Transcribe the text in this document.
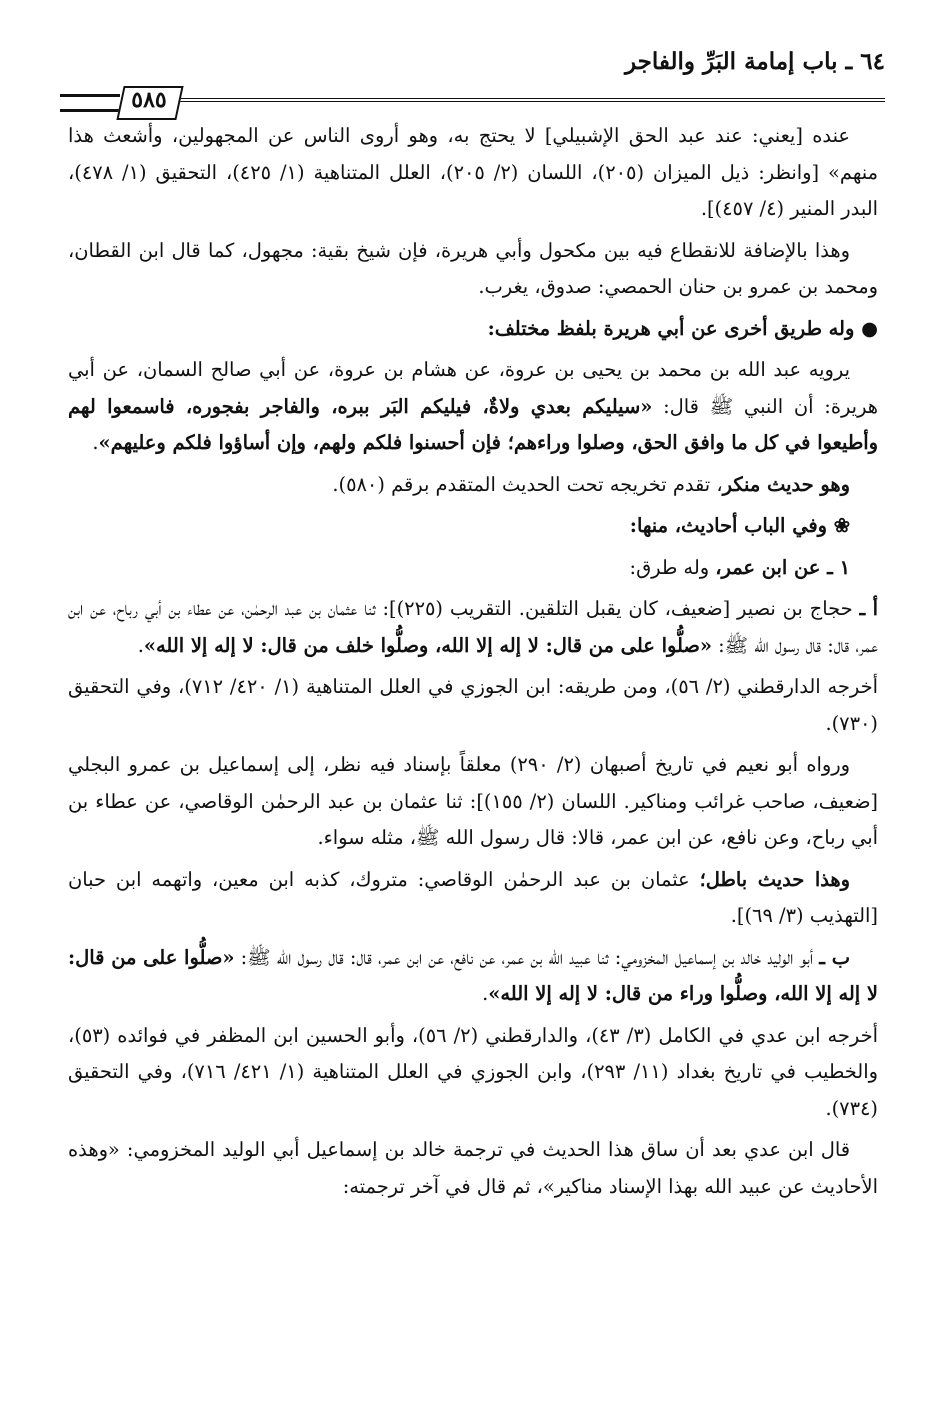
٦٤ ـ باب إمامة البَرِّ والفاجر
٥٨٥

عنده [يعني: عند عبد الحق الإشبيلي] لا يحتج به، وهو أروى الناس عن المجهولين، وأشعث هذا منهم» [وانظر: ذيل الميزان (٢٠٥)، اللسان (٢/ ٢٠٥)، العلل المتناهية (١/ ٤٢٥)، التحقيق (١/ ٤٧٨)، البدر المنير (٤/ ٤٥٧)].

وهذا بالإضافة للانقطاع فيه بين مكحول وأبي هريرة، فإن شيخ بقية: مجهول، كما قال ابن القطان، ومحمد بن عمرو بن حنان الحمصي: صدوق، يغرب.

● وله طريق أخرى عن أبي هريرة بلفظ مختلف:

يرويه عبد الله بن محمد بن يحيى بن عروة، عن هشام بن عروة، عن أبي صالح السمان، عن أبي هريرة: أن النبي ﷺ قال: «سيليكم بعدي ولاةٌ، فيليكم البَر ببره، والفاجر بفجوره، فاسمعوا لهم وأطيعوا في كل ما وافق الحق، وصلوا وراءهم؛ فإن أحسنوا فلكم ولهم، وإن أساؤوا فلكم وعليهم».

وهو حديث منكر، تقدم تخريجه تحت الحديث المتقدم برقم (٥٨٠).

❀ وفي الباب أحاديث، منها:

١ ـ عن ابن عمر، وله طرق:

أ ـ حجاج بن نصير [ضعيف، كان يقبل التلقين. التقريب (٢٢٥)]: ثنا عثمان بن عبد الرحمٰن، عن عطاء بن أبي رباح، عن ابن عمر، قال: قال رسول الله ﷺ: «صلُّوا على من قال: لا إله إلا الله، وصلُّوا خلف من قال: لا إله إلا الله».

أخرجه الدارقطني (٢/ ٥٦)، ومن طريقه: ابن الجوزي في العلل المتناهية (١/ ٤٢٠/ ٧١٢)، وفي التحقيق (٧٣٠).

ورواه أبو نعيم في تاريخ أصبهان (٢/ ٢٩٠) معلقاً بإسناد فيه نظر، إلى إسماعيل بن عمرو البجلي [ضعيف، صاحب غرائب ومناكير. اللسان (٢/ ١٥٥)]: ثنا عثمان بن عبد الرحمٰن الوقاصي، عن عطاء بن أبي رباح، وعن نافع، عن ابن عمر، قالا: قال رسول الله ﷺ، مثله سواء.

وهذا حديث باطل؛ عثمان بن عبد الرحمٰن الوقاصي: متروك، كذبه ابن معين، واتهمه ابن حبان [التهذيب (٣/ ٦٩)].

ب ـ أبو الوليد خالد بن إسماعيل المخزومي: ثنا عبيد الله بن عمر، عن نافع، عن ابن عمر، قال: قال رسول الله ﷺ: «صلُّوا على من قال: لا إله إلا الله، وصلُّوا وراء من قال: لا إله إلا الله».

أخرجه ابن عدي في الكامل (٣/ ٤٣)، والدارقطني (٢/ ٥٦)، وأبو الحسين ابن المظفر في فوائده (٥٣)، والخطيب في تاريخ بغداد (١١/ ٢٩٣)، وابن الجوزي في العلل المتناهية (١/ ٤٢١/ ٧١٦)، وفي التحقيق (٧٣٤).

قال ابن عدي بعد أن ساق هذا الحديث في ترجمة خالد بن إسماعيل أبي الوليد المخزومي: «وهذه الأحاديث عن عبيد الله بهذا الإسناد مناكير»، ثم قال في آخر ترجمته:
